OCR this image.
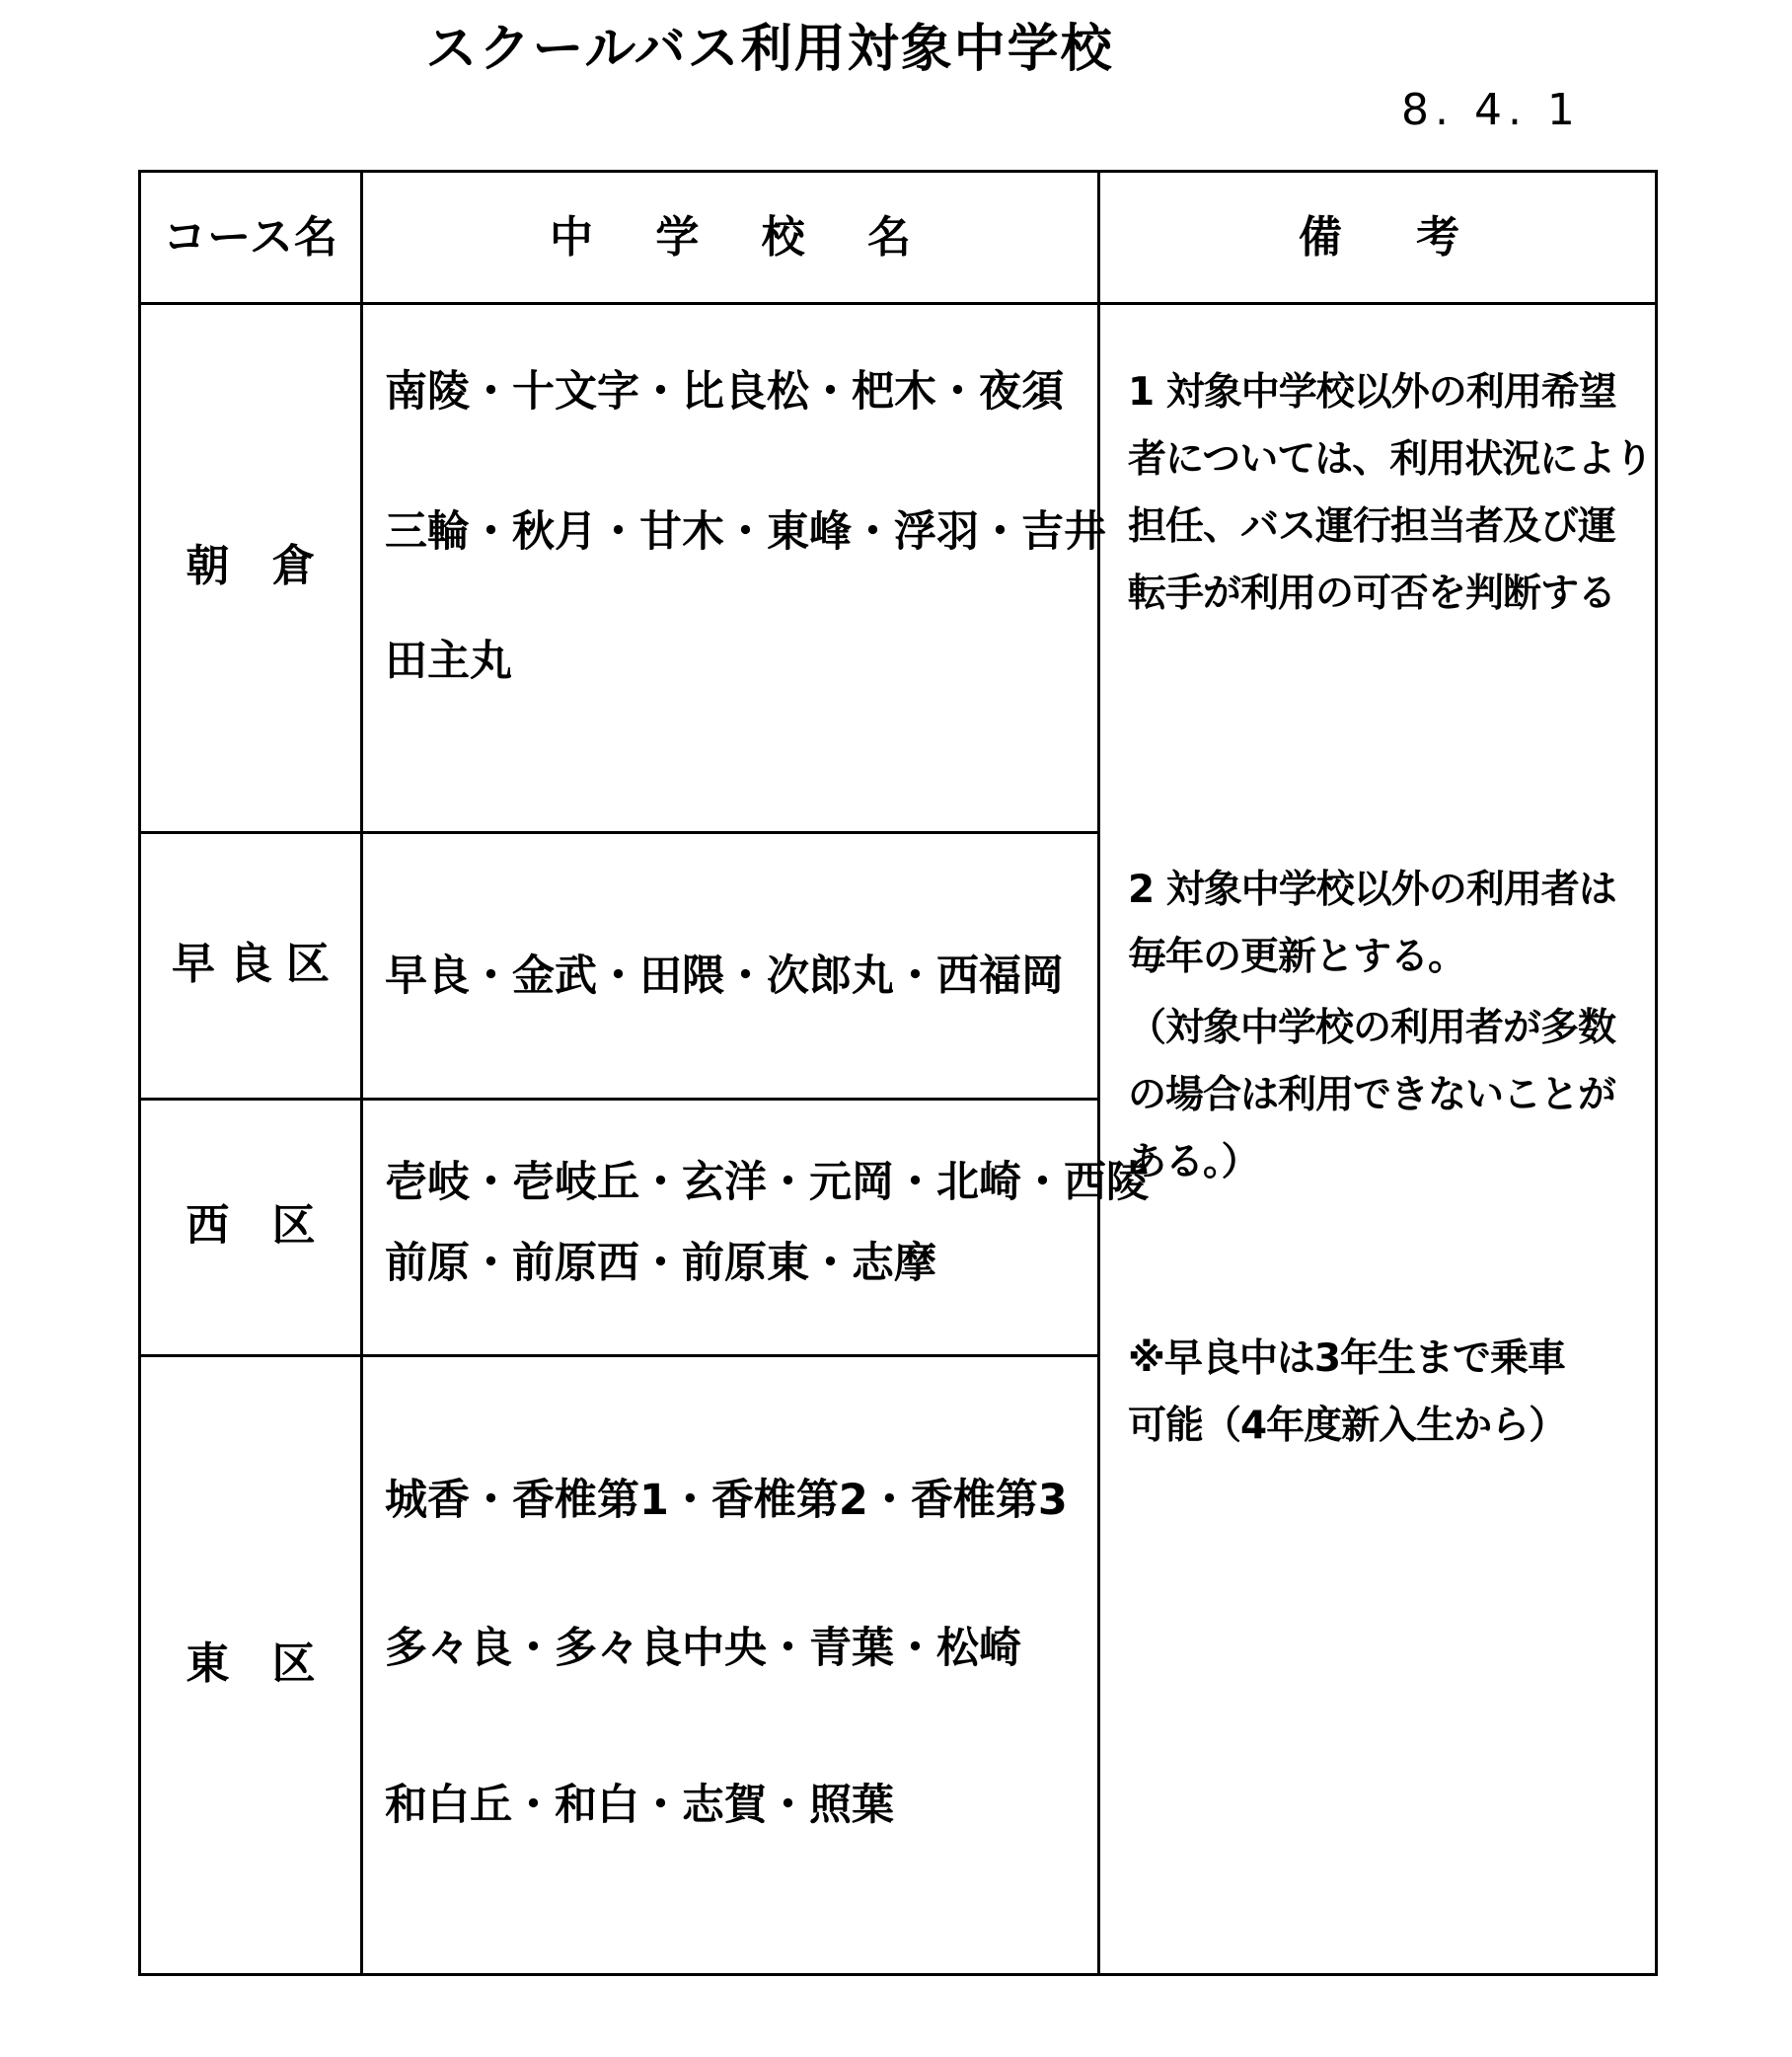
スクールバス利用対象中学校
8. 4. 1
コース名	中 学 校 名	備 考
朝 倉
南陵・十文字・比良松・杷木・夜須
三輪・秋月・甘木・東峰・浮羽・吉井
田主丸
早良区 早良・金武・田隈・次郎丸・西福岡
西 区
壱岐・壱岐丘・玄洋・元岡・北崎・西陵
前原・前原西・前原東・志摩
東 区
城香・香椎第1・香椎第2・香椎第3
多々良・多々良中央・青葉・松崎
和白丘・和白・志賀・照葉
1 対象中学校以外の利用希望
者については、利用状況により
担任、バス運行担当者及び運
転手が利用の可否を判断する
2 対象中学校以外の利用者は
毎年の更新とする。
（対象中学校の利用者が多数
の場合は利用できないことが
ある。）
※早良中は3年生まで乗車
可能（4年度新入生から）
